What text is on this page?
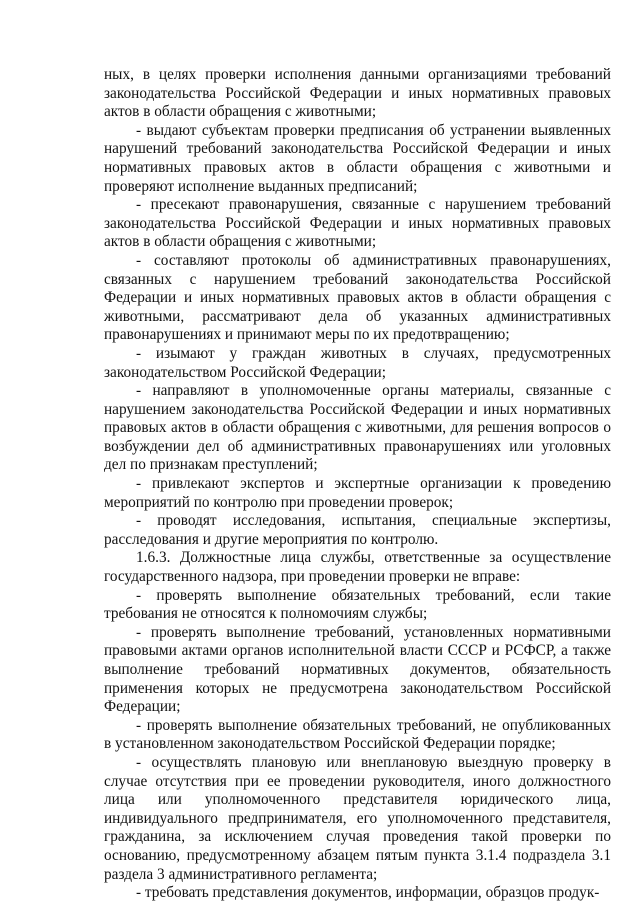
ных, в целях проверки исполнения данными организациями требований законодательства Российской Федерации и иных нормативных правовых актов в области обращения с животными;

- выдают субъектам проверки предписания об устранении выявленных нарушений требований законодательства Российской Федерации и иных нормативных правовых актов в области обращения с животными и проверяют исполнение выданных предписаний;

- пресекают правонарушения, связанные с нарушением требований законодательства Российской Федерации и иных нормативных правовых актов в области обращения с животными;

- составляют протоколы об административных правонарушениях, связанных с нарушением требований законодательства Российской Федерации и иных нормативных правовых актов в области обращения с животными, рассматривают дела об указанных административных правонарушениях и принимают меры по их предотвращению;

- изымают у граждан животных в случаях, предусмотренных законодательством Российской Федерации;

- направляют в уполномоченные органы материалы, связанные с нарушением законодательства Российской Федерации и иных нормативных правовых актов в области обращения с животными, для решения вопросов о возбуждении дел об административных правонарушениях или уголовных дел по признакам преступлений;

- привлекают экспертов и экспертные организации к проведению мероприятий по контролю при проведении проверок;

- проводят исследования, испытания, специальные экспертизы, расследования и другие мероприятия по контролю.

1.6.3. Должностные лица службы, ответственные за осуществление государственного надзора, при проведении проверки не вправе:

- проверять выполнение обязательных требований, если такие требования не относятся к полномочиям службы;

- проверять выполнение требований, установленных нормативными правовыми актами органов исполнительной власти СССР и РСФСР, а также выполнение требований нормативных документов, обязательность применения которых не предусмотрена законодательством Российской Федерации;

- проверять выполнение обязательных требований, не опубликованных в установленном законодательством Российской Федерации порядке;

- осуществлять плановую или внеплановую выездную проверку в случае отсутствия при ее проведении руководителя, иного должностного лица или уполномоченного представителя юридического лица, индивидуального предпринимателя, его уполномоченного представителя, гражданина, за исключением случая проведения такой проверки по основанию, предусмотренному абзацем пятым пункта 3.1.4 подраздела 3.1 раздела 3 административного регламента;

- требовать представления документов, информации, образцов продук-
